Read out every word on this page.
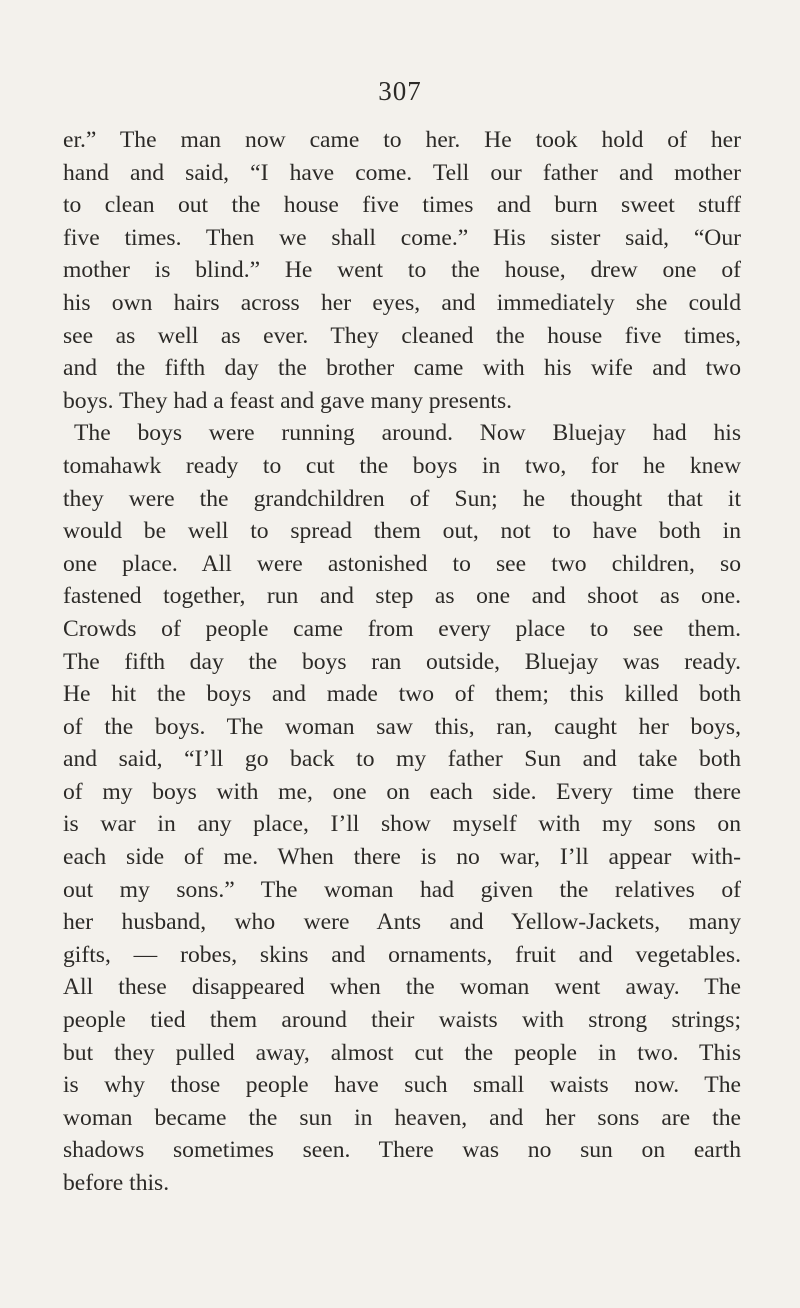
307
er.” The man now came to her. He took hold of her
hand and said, “I have come. Tell our father and mother
to clean out the house five times and burn sweet stuff
five times. Then we shall come.” His sister said, “Our
mother is blind.” He went to the house, drew one of
his own hairs across her eyes, and immediately she could
see as well as ever. They cleaned the house five times,
and the fifth day the brother came with his wife and two
boys. They had a feast and gave many presents.
The boys were running around. Now Bluejay had his
tomahawk ready to cut the boys in two, for he knew
they were the grandchildren of Sun; he thought that it
would be well to spread them out, not to have both in
one place. All were astonished to see two children, so
fastened together, run and step as one and shoot as one.
Crowds of people came from every place to see them.
The fifth day the boys ran outside, Bluejay was ready.
He hit the boys and made two of them; this killed both
of the boys. The woman saw this, ran, caught her boys,
and said, “I’ll go back to my father Sun and take both
of my boys with me, one on each side. Every time there
is war in any place, I’ll show myself with my sons on
each side of me. When there is no war, I’ll appear with-
out my sons.” The woman had given the relatives of
her husband, who were Ants and Yellow-Jackets, many
gifts, — robes, skins and ornaments, fruit and vegetables.
All these disappeared when the woman went away. The
people tied them around their waists with strong strings;
but they pulled away, almost cut the people in two. This
is why those people have such small waists now. The
woman became the sun in heaven, and her sons are the
shadows sometimes seen. There was no sun on earth
before this.
